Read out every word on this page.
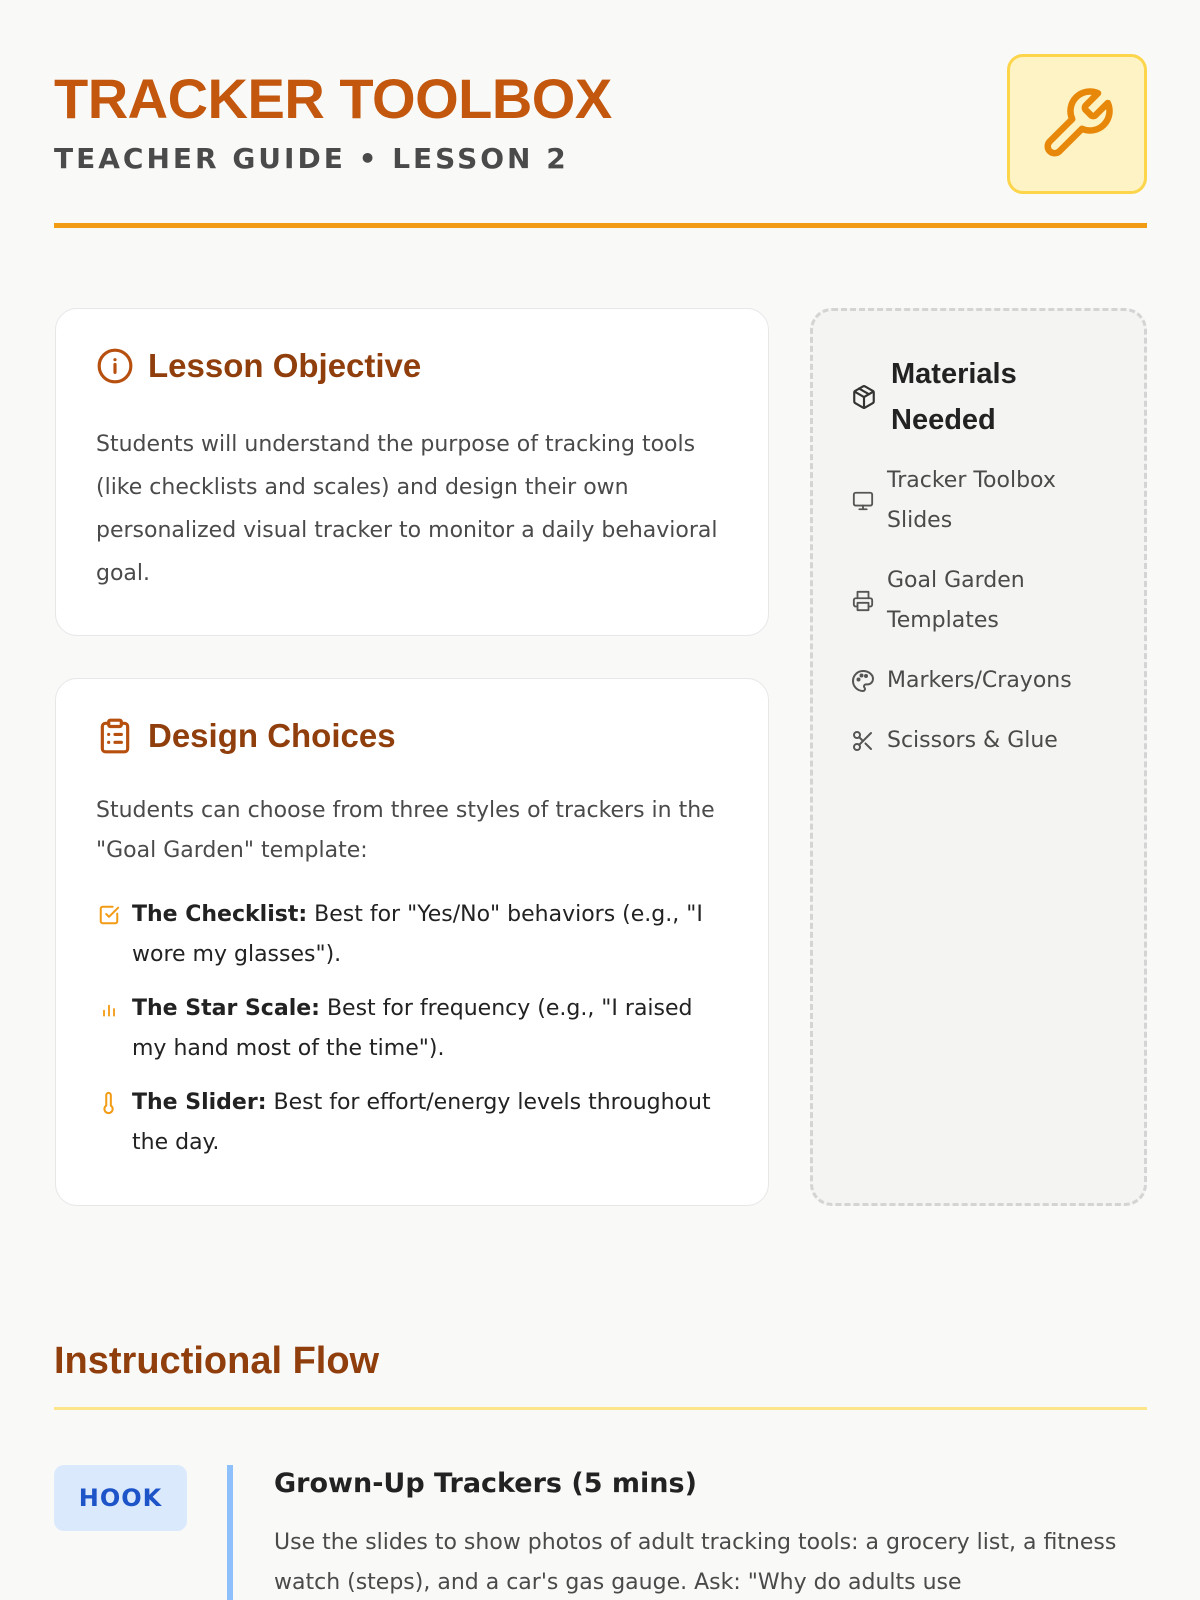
TRACKER TOOLBOX
TEACHER GUIDE • LESSON 2
Lesson Objective

Students will understand the purpose of tracking tools (like checklists and scales) and design their own personalized visual tracker to monitor a daily behavioral goal.

Design Choices

Students can choose from three styles of trackers in the "Goal Garden" template:

The Checklist: Best for "Yes/No" behaviors (e.g., "I wore my glasses").
The Star Scale: Best for frequency (e.g., "I raised my hand most of the time").
The Slider: Best for effort/energy levels throughout the day.
Materials Needed
Tracker Toolbox Slides
Goal Garden Templates
Markers/Crayons
Scissors & Glue
Instructional Flow
HOOK	Grown-Up Trackers (5 mins)

Use the slides to show photos of adult tracking tools: a grocery list, a fitness watch (steps), and a car's gas gauge. Ask: "Why do adults use
